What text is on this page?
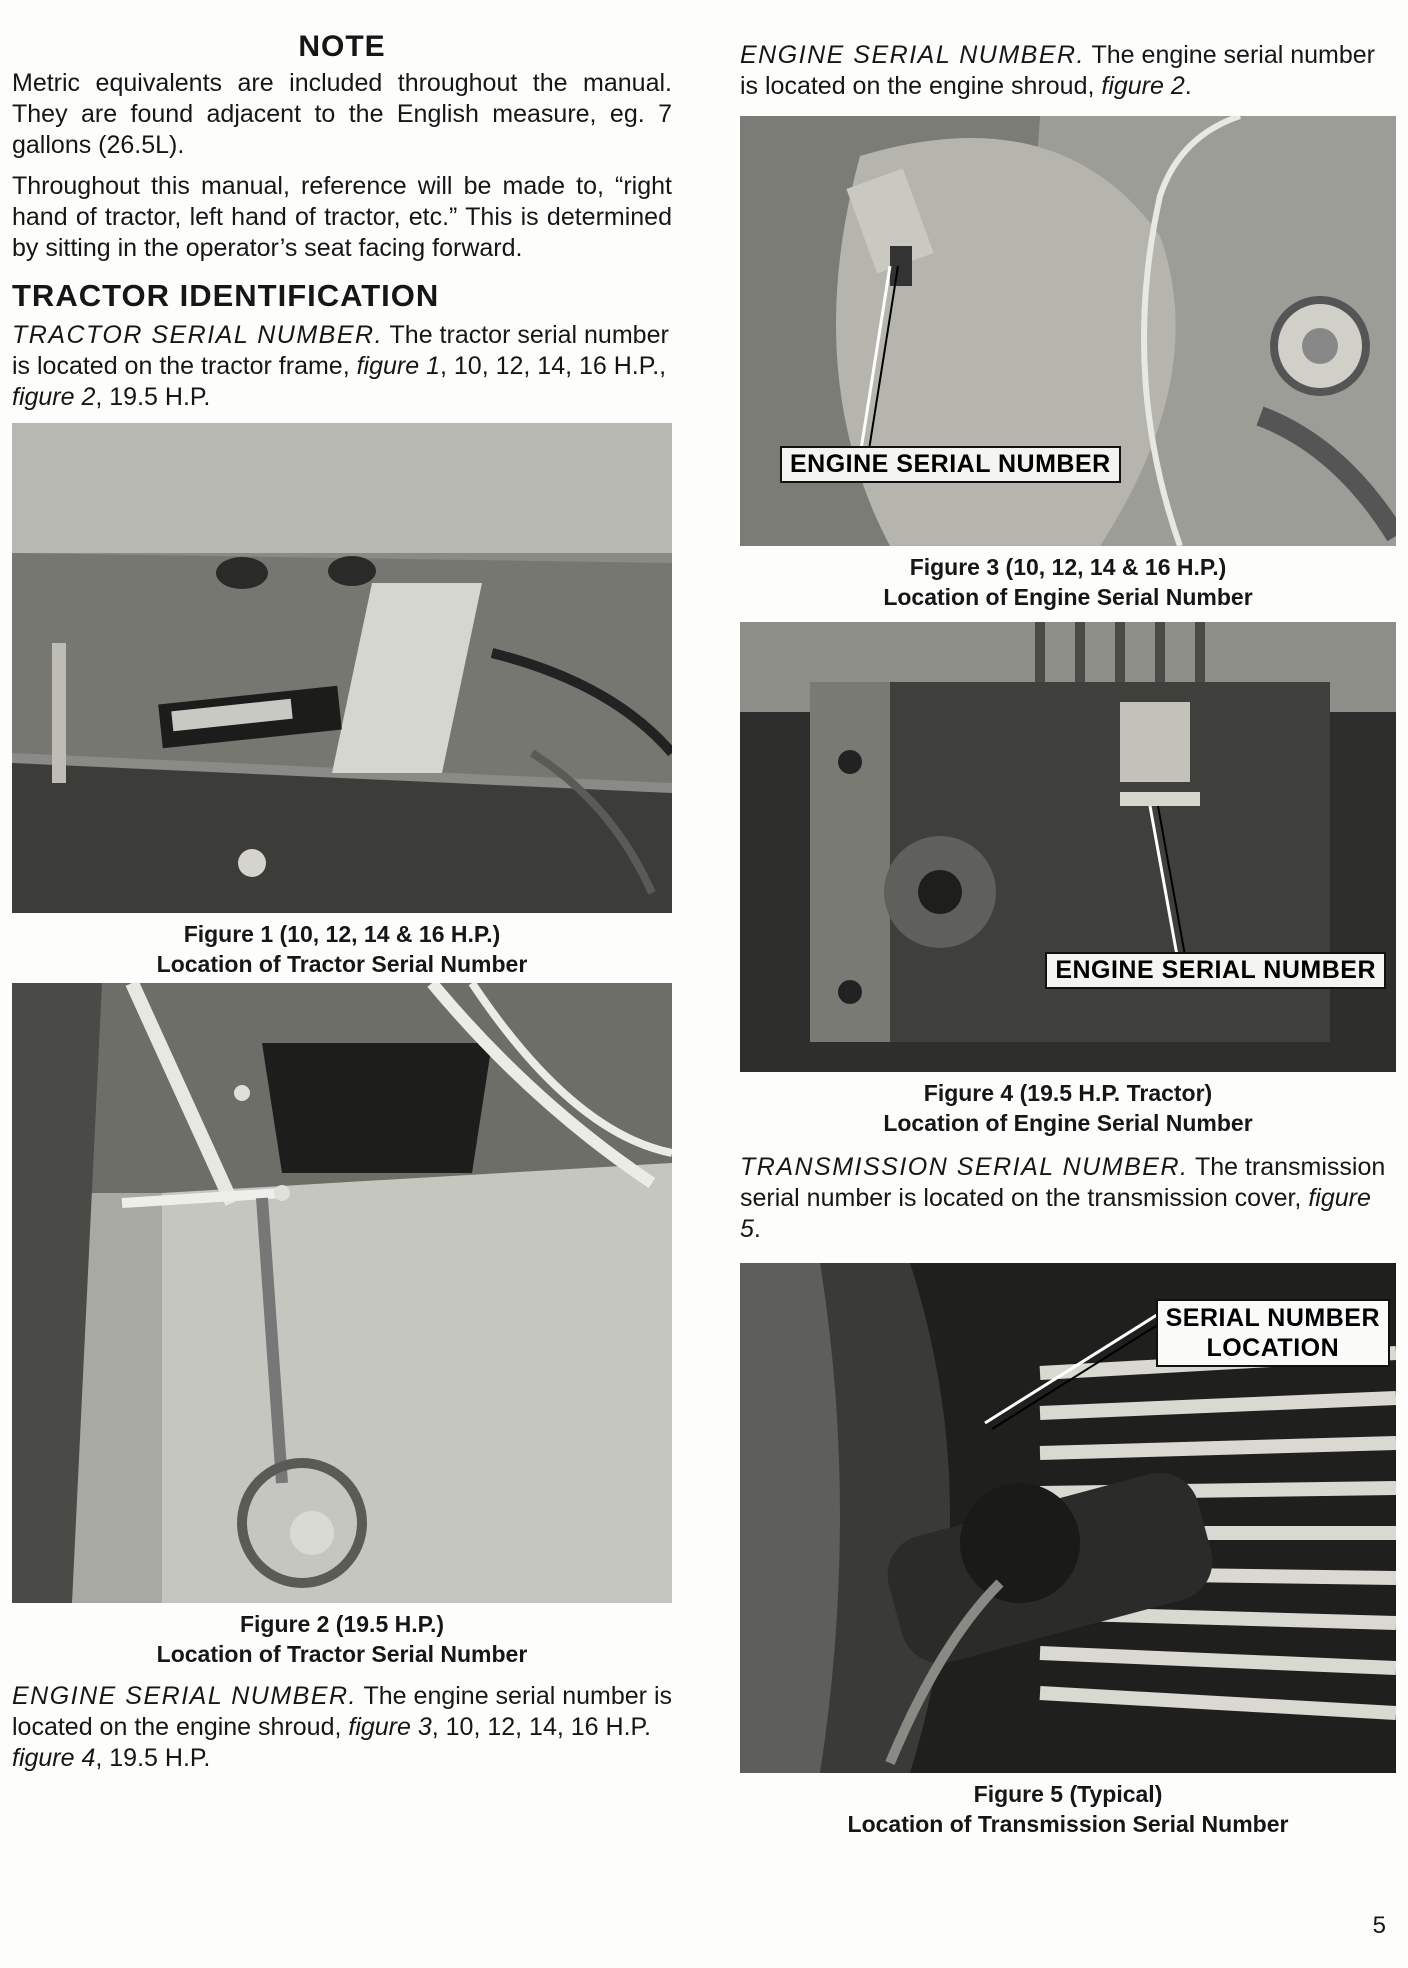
NOTE

Metric equivalents are included throughout the manual. They are found adjacent to the English measure, eg. 7 gallons (26.5L).

Throughout this manual, reference will be made to, “right hand of tractor, left hand of tractor, etc.” This is determined by sitting in the operator’s seat facing forward.

TRACTOR IDENTIFICATION

TRACTOR SERIAL NUMBER. The tractor serial number is located on the tractor frame, figure 1, 10, 12, 14, 16 H.P., figure 2, 19.5 H.P.

Figure 1 (10, 12, 14 & 16 H.P.)
Location of Tractor Serial Number
Figure 2 (19.5 H.P.)
Location of Tractor Serial Number

ENGINE SERIAL NUMBER. The engine serial number is located on the engine shroud, figure 3, 10, 12, 14, 16 H.P. figure 4, 19.5 H.P.

ENGINE SERIAL NUMBER. The engine serial number is located on the engine shroud, figure 2.

ENGINE SERIAL NUMBER
Figure 3 (10, 12, 14 & 16 H.P.)
Location of Engine Serial Number
ENGINE SERIAL NUMBER
Figure 4 (19.5 H.P. Tractor)
Location of Engine Serial Number

TRANSMISSION SERIAL NUMBER. The transmission serial number is located on the transmission cover, figure 5.

SERIAL NUMBER
LOCATION
Figure 5 (Typical)
Location of Transmission Serial Number
5
